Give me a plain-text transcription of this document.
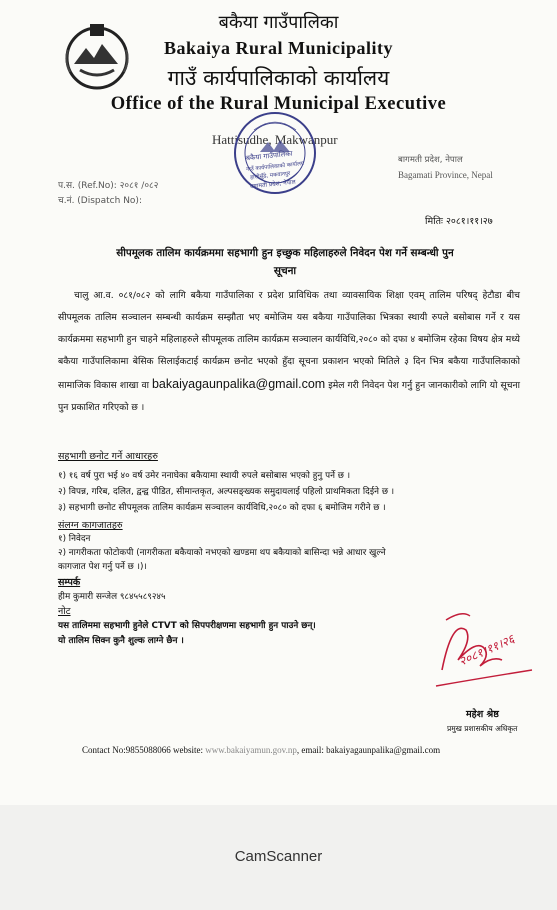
बकैया गाउँपालिका
Bakaiya Rural Municipality
गाउँ कार्यपालिकाको कार्यालय
Office of the Rural Municipal Executive
Hattisudhe, Makwanpur
बागमती प्रदेश, नेपाल
Bagamati Province, Nepal
प.स. (Ref.No): २०८१ /०८२
च.नं. (Dispatch No):
बकैया गाउँपालिका
गाउँ कार्यपालिकाको कार्यालय
हात्तीसुँढे, मकवानपुर
बागमती प्रदेश, नेपाल
मितिः २०८१।११।२७
सीपमूलक तालिम कार्यक्रममा सहभागी हुन इच्छुक महिलाहरुले निवेदन पेश गर्ने सम्बन्धी पुन
सूचना
चालु आ.व. ०८१/०८२ को लागि बकैया गाउँपालिका र प्रदेश प्राविधिक तथा व्यावसायिक शिक्षा एवम् तालिम परिषद् हेटौडा बीच सीपमूलक तालिम सञ्चालन सम्बन्धी कार्यक्रम सम्झौता भए बमोजिम यस बकैया गाउँपालिका भित्रका स्थायी रुपले बसोबास गर्ने र यस कार्यक्रममा सहभागी हुन चाहने महिलाहरुले सीपमूलक तालिम कार्यक्रम सञ्चालन कार्यविधि,२०८० को दफा ४ बमोजिम रहेका विषय क्षेत्र मध्ये बकैया गाउँपालिकामा बेसिक सिलाईकटाई कार्यक्रम छनोट भएको हुँदा सूचना प्रकाशन भएको मितिले ३ दिन भित्र बकैया गाउँपालिकाको सामाजिक विकास शाखा वा bakaiyagaunpalika@gmail.com इमेल गरी निवेदन पेश गर्नु हुन जानकारीको लागि यो सूचना पुन प्रकाशित गरिएको छ ।
सहभागी छनोट गर्ने आधारहरु
१) १६ वर्ष पुरा भई ४० वर्ष उमेर ननाघेका बकैयामा स्थायी रुपले बसोबास भएको हुनु पर्ने छ ।
२) विपन्न, गरिब, दलित, द्वन्द्व पीडित, सीमान्तकृत, अल्पसङ्ख्यक समुदायलाई पहिलो प्राथमिकता दिईने छ ।
३) सहभागी छनोट सीपमूलक तालिम कार्यक्रम सञ्चालन कार्यविधि,२०८० को दफा ६ बमोजिम गरीने छ ।
संलग्न कागजातहरु
१) निवेदन
२) नागरीकता फोटोकपी (नागरीकता बकैयाको नभएको खण्डमा थप बकैयाको बासिन्दा भन्ने आधार खुल्ने
कागजात पेश गर्नु पर्ने छ ।)।
सम्पर्क
हीम कुमारी सन्जेल ९८४५५८९२४५
नोट
यस तालिममा सहभागी हुनेले CTVT को सिपपरीक्षणमा सहभागी हुन पाउने छन्।
यो तालिम सिक्न कुनै शुल्क लाग्ने छैन ।	२०८१।११।२६
महेश श्रेष्ठ
प्रमुख प्रशासकीय अधिकृत
Contact No:9855088066 website: www.bakaiyamun.gov.np, email: bakaiyagaunpalika@gmail.com
CamScanner
